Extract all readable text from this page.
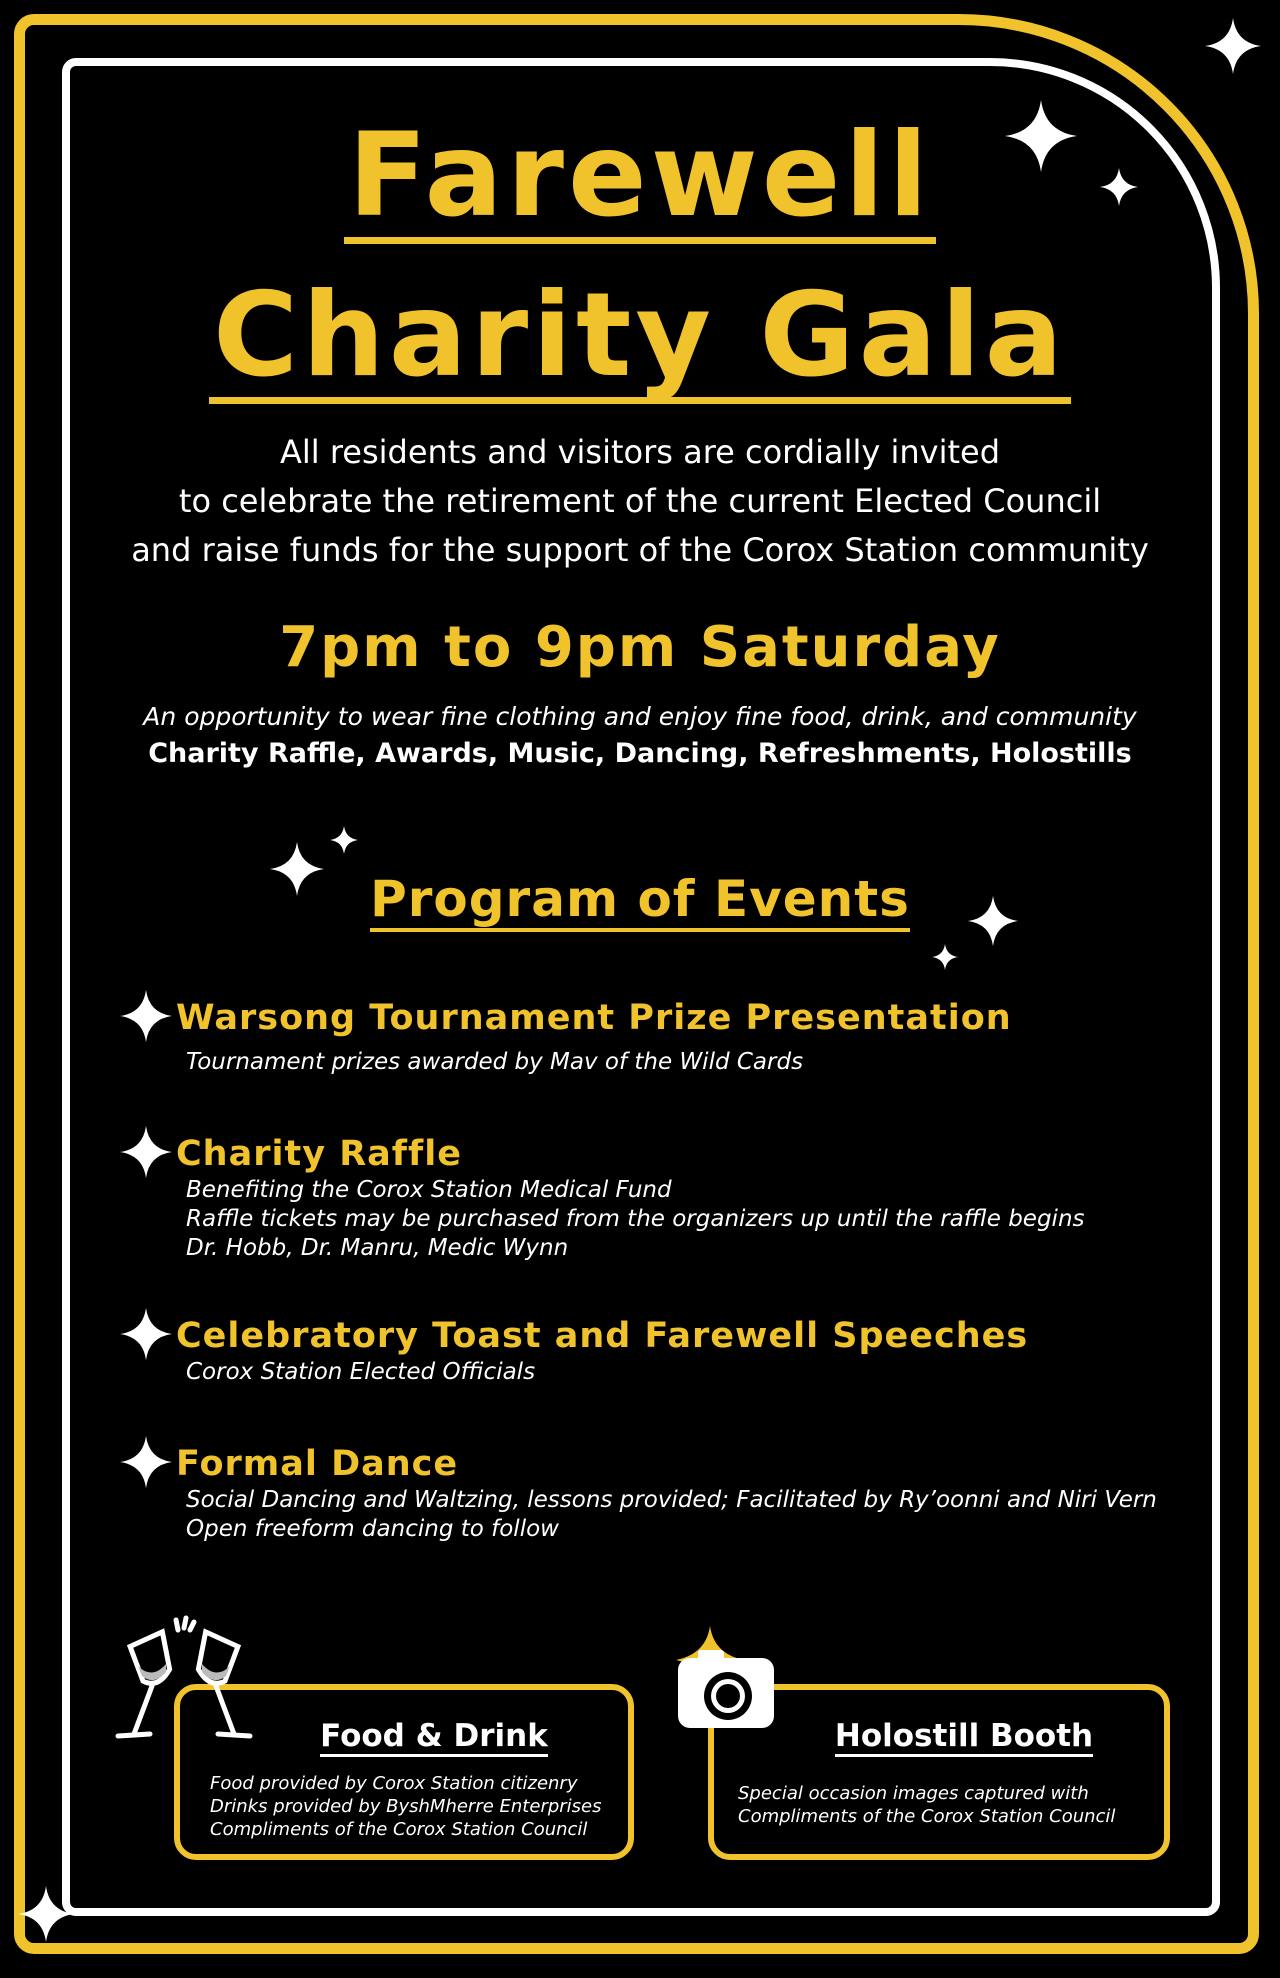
Farewell
Charity Gala
All residents and visitors are cordially invited
to celebrate the retirement of the current Elected Council
and raise funds for the support of the Corox Station community
7pm to 9pm Saturday
An opportunity to wear fine clothing and enjoy fine food, drink, and community
Charity Raffle, Awards, Music, Dancing, Refreshments, Holostills
Program of Events
Warsong Tournament Prize Presentation
Tournament prizes awarded by Mav of the Wild Cards
Charity Raffle
Benefiting the Corox Station Medical Fund
Raffle tickets may be purchased from the organizers up until the raffle begins
Dr. Hobb, Dr. Manru, Medic Wynn
Celebratory Toast and Farewell Speeches
Corox Station Elected Officials
Formal Dance
Social Dancing and Waltzing, lessons provided; Facilitated by Ry’oonni and Niri Vern
Open freeform dancing to follow
Food & Drink
Food provided by Corox Station citizenry
Drinks provided by ByshMherre Enterprises
Compliments of the Corox Station Council
Holostill Booth
Special occasion images captured with
Compliments of the Corox Station Council
